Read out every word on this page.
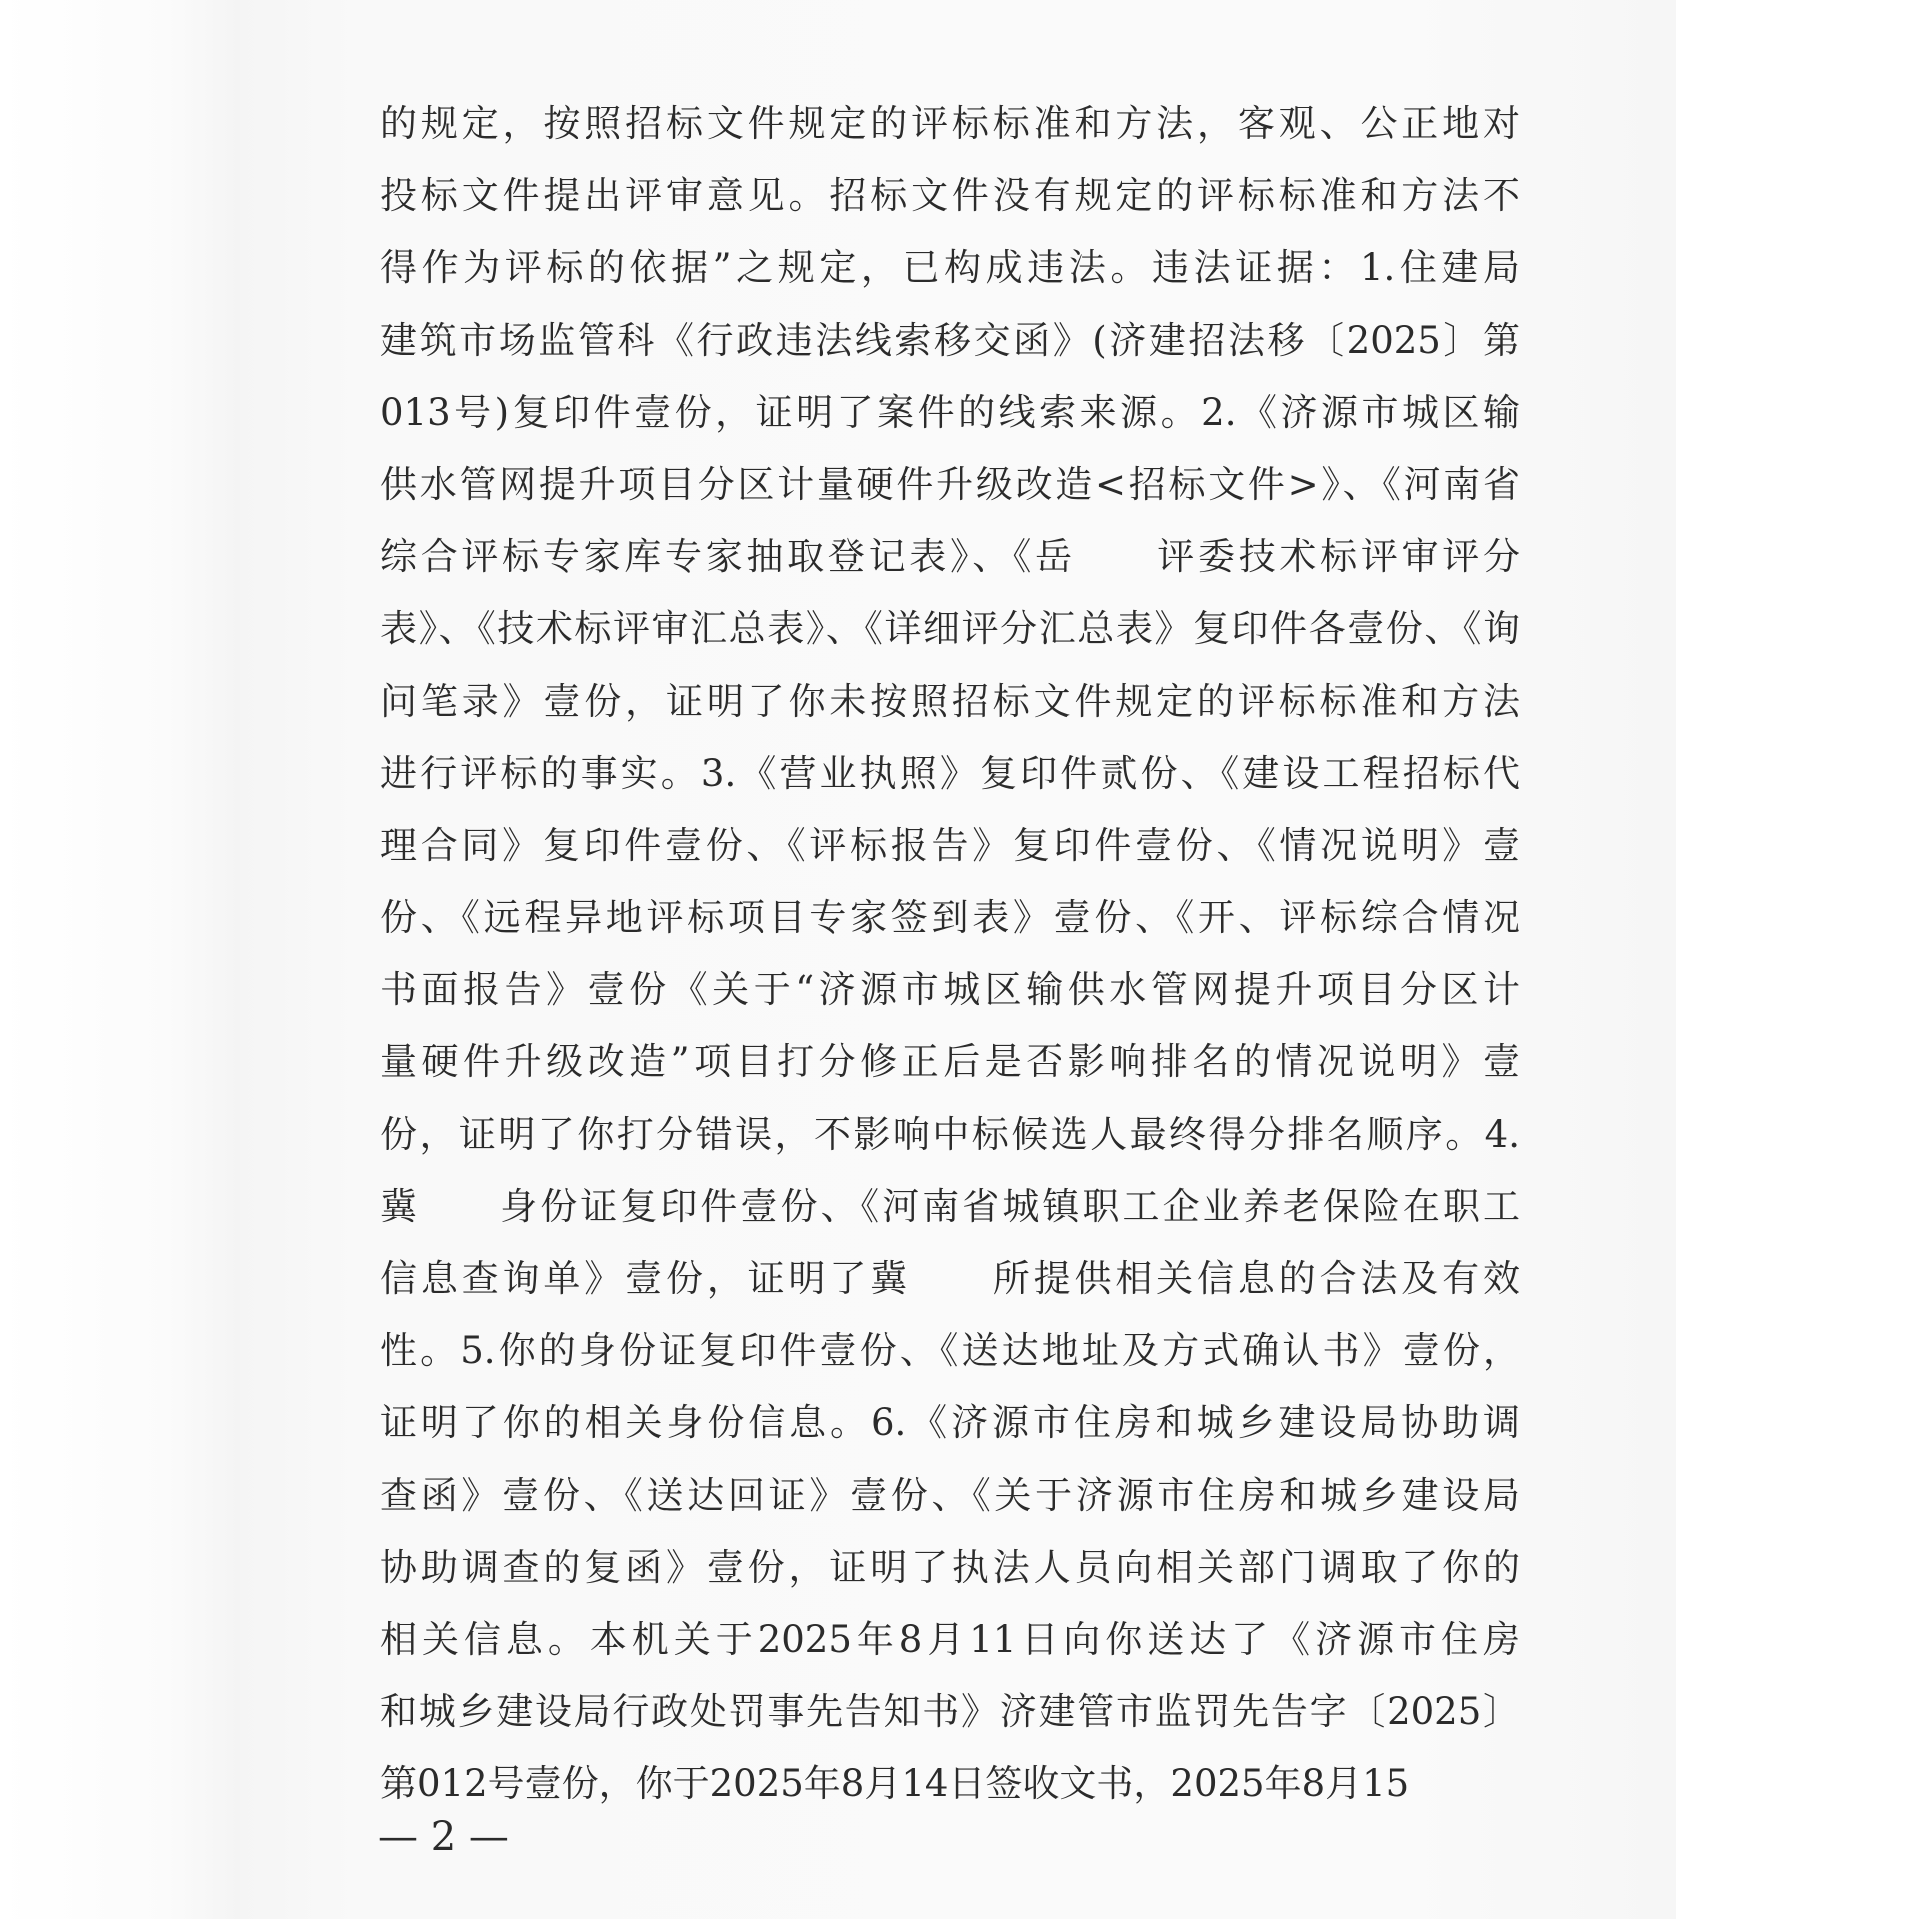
的规定，按照招标文件规定的评标标准和方法，客观、公正地对
投标文件提出评审意见。招标文件没有规定的评标标准和方法不
得作为评标的依据”之规定，已构成违法。违法证据：1.住建局
建筑市场监管科《行政违法线索移交函》(济建招法移〔2025〕第
013号)复印件壹份，证明了案件的线索来源。2.《济源市城区输
供水管网提升项目分区计量硬件升级改造<招标文件>》、《河南省
综合评标专家库专家抽取登记表》、《岳　　评委技术标评审评分
表》、《技术标评审汇总表》、《详细评分汇总表》复印件各壹份、《询
问笔录》壹份，证明了你未按照招标文件规定的评标标准和方法
进行评标的事实。3.《营业执照》复印件贰份、《建设工程招标代
理合同》复印件壹份、《评标报告》复印件壹份、《情况说明》壹
份、《远程异地评标项目专家签到表》壹份、《开、评标综合情况
书面报告》壹份《关于“济源市城区输供水管网提升项目分区计
量硬件升级改造”项目打分修正后是否影响排名的情况说明》壹
份，证明了你打分错误，不影响中标候选人最终得分排名顺序。4.
冀　　身份证复印件壹份、《河南省城镇职工企业养老保险在职工
信息查询单》壹份，证明了冀　　所提供相关信息的合法及有效
性。5.你的身份证复印件壹份、《送达地址及方式确认书》壹份，
证明了你的相关身份信息。6.《济源市住房和城乡建设局协助调
查函》壹份、《送达回证》壹份、《关于济源市住房和城乡建设局
协助调查的复函》壹份，证明了执法人员向相关部门调取了你的
相关信息。本机关于2025年8月11日向你送达了《济源市住房
和城乡建设局行政处罚事先告知书》济建管市监罚先告字〔2025〕
第012号壹份，你于2025年8月14日签收文书，2025年8月15
— 2 —
